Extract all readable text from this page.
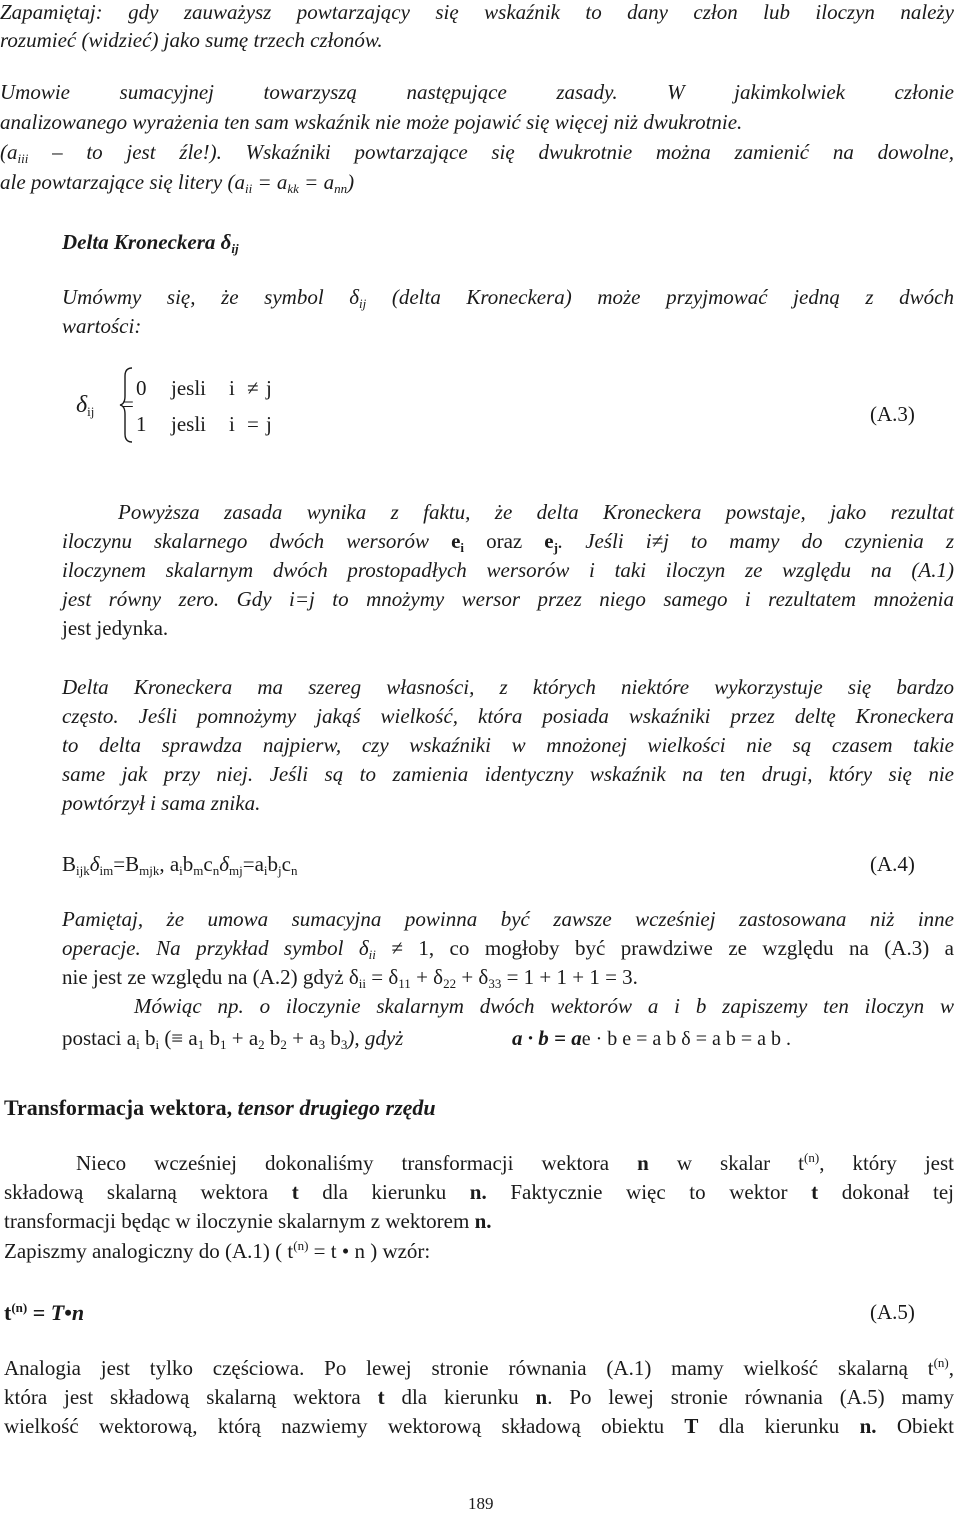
Zapamiętaj: gdy zauważysz powtarzający się wskaźnik to dany człon lub iloczyn należy
rozumieć (widzieć) jako sumę trzech członów.
Umowie sumacyjnej towarzyszą następujące zasady. W jakimkolwiek członie
analizowanego wyrażenia ten sam wskaźnik nie może pojawić się więcej niż dwukrotnie.
($a_{iii}$ – to jest źle!). Wskaźniki powtarzające się dwukrotnie można zamienić na dowolne,
ale powtarzające się litery $(a_{ii} = a_{kk} = a_{nn})$
Delta Kroneckera $\delta_{ij}$
Umówmy się, że symbol $\delta_{ij}$ (delta Kroneckera) może przyjmować jedną z dwóch
wartości:
$\delta_{ij}$ =
0 jesli i ≠ j
1 jesli i = j	(A.3)
Powyższa zasada wynika z faktu, że delta Kroneckera powstaje, jako rezultat
iloczynu skalarnego dwóch wersorów $e_i$ oraz $e_j$. Jeśli i≠j to mamy do czynienia z
iloczynem skalarnym dwóch prostopadłych wersorów i taki iloczyn ze względu na (A.1)
jest równy zero. Gdy i=j to mnożymy wersor przez niego samego i rezultatem mnożenia
jest jedynka.
Delta Kroneckera ma szereg własności, z których niektóre wykorzystuje się bardzo
często. Jeśli pomnożymy jakąś wielkość, która posiada wskaźniki przez deltę Kroneckera
to delta sprawdza najpierw, czy wskaźniki w mnożonej wielkości nie są czasem takie
same jak przy niej. Jeśli są to zamienia identyczny wskaźnik na ten drugi, który się nie
powtórzył i sama znika.
$B_{ijk}\delta_{im}=B_{mjk}$, $a_ib_mc_n\delta_{mj}=a_ib_jc_n$	(A.4)
Pamiętaj, że umowa sumacyjna powinna być zawsze wcześniej zastosowana niż inne
operacje. Na przykład symbol $\delta_{ii} \ne 1$, co mogłoby być prawdziwe ze względu na (A.3) a
nie jest ze względu na (A.2) gdyż $\delta_{ii} = \delta_{11} + \delta_{22} + \delta_{33} = 1 + 1 + 1 = 3$.
Mówiąc np. o iloczynie skalarnym dwóch wektorów a i b zapiszemy ten iloczyn w
postaci $a_i$ $b_i$ (≡ $a_1$ $b_1 + a_2$ $b_2 + a_3$ $b_3$), gdyż	a · b = ae · b e = a b δ = a b = a b .
Transformacja wektora, tensor drugiego rzędu
Nieco wcześniej dokonaliśmy transformacji wektora n w skalar $t^{(n)}$, który jest
składową skalarną wektora t dla kierunku n. Faktycznie więc to wektor t dokonał tej
transformacji będąc w iloczynie skalarnym z wektorem n.
Zapiszmy analogiczny do (A.1) ( $t^{(n)} = t$ • n ) wzór:
$t^{(n)}$ = T•n	(A.5)
Analogia jest tylko częściowa. Po lewej stronie równania (A.1) mamy wielkość skalarną $t^{(n)}$,
która jest składową skalarną wektora t dla kierunku n. Po lewej stronie równania (A.5) mamy
wielkość wektorową, którą nazwiemy wektorową składową obiektu T dla kierunku n. Obiekt
189
